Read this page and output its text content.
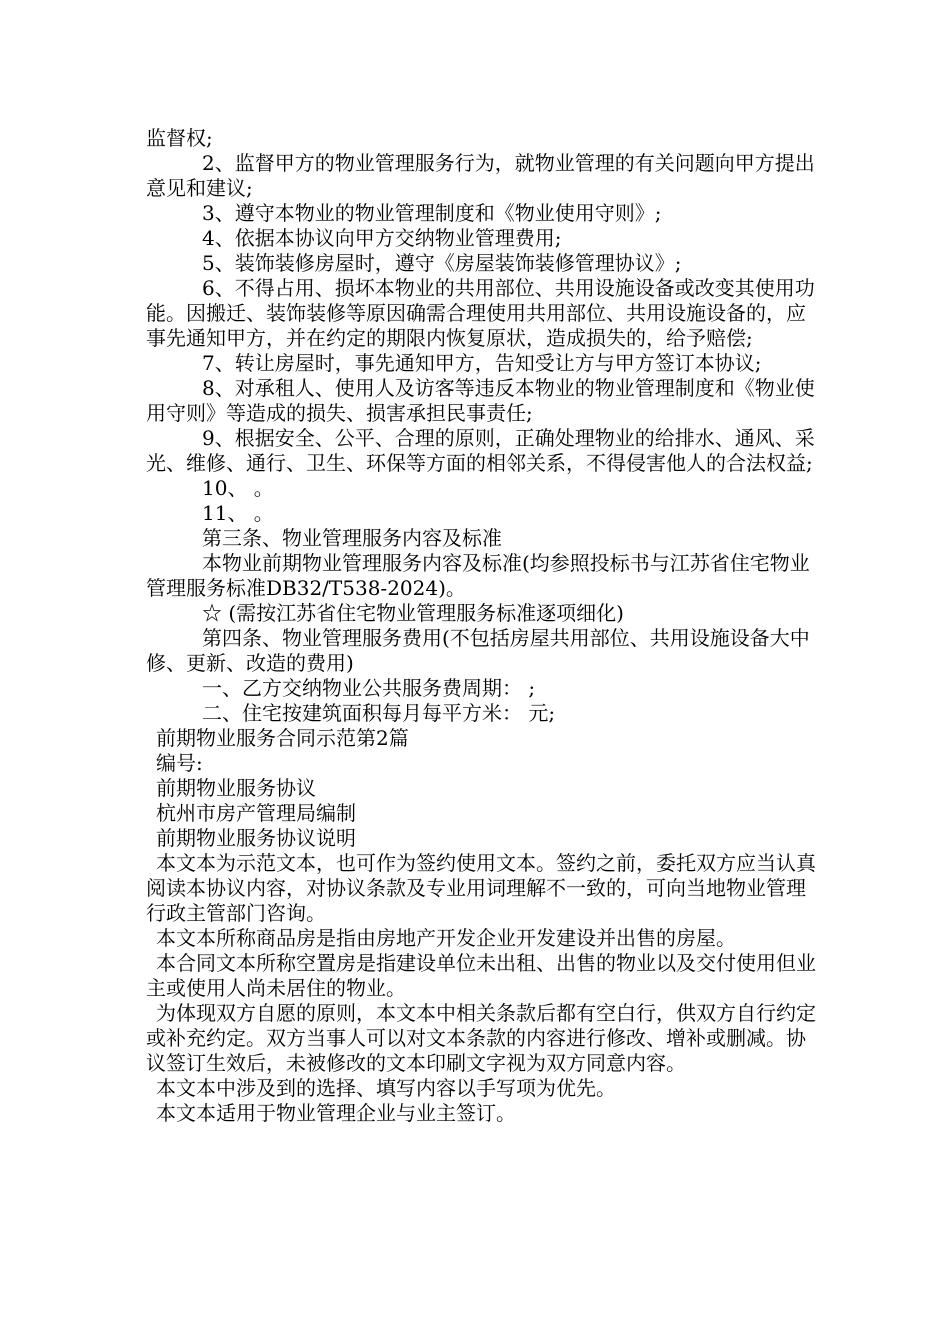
监督权;

2、监督甲方的物业管理服务行为，就物业管理的有关问题向甲方提出意见和建议;

3、遵守本物业的物业管理制度和《物业使用守则》;

4、依据本协议向甲方交纳物业管理费用;

5、装饰装修房屋时，遵守《房屋装饰装修管理协议》;

6、不得占用、损坏本物业的共用部位、共用设施设备或改变其使用功能。因搬迁、装饰装修等原因确需合理使用共用部位、共用设施设备的，应事先通知甲方，并在约定的期限内恢复原状，造成损失的，给予赔偿;

7、转让房屋时，事先通知甲方，告知受让方与甲方签订本协议;

8、对承租人、使用人及访客等违反本物业的物业管理制度和《物业使用守则》等造成的损失、损害承担民事责任;

9、根据安全、公平、合理的原则，正确处理物业的给排水、通风、采光、维修、通行、卫生、环保等方面的相邻关系，不得侵害他人的合法权益;

10、 。

11、 。

第三条、物业管理服务内容及标准

本物业前期物业管理服务内容及标准(均参照投标书与江苏省住宅物业管理服务标准DB32/T538-2024)。

☆ (需按江苏省住宅物业管理服务标准逐项细化)

第四条、物业管理服务费用(不包括房屋共用部位、共用设施设备大中修、更新、改造的费用)

一、乙方交纳物业公共服务费周期： ;

二、住宅按建筑面积每月每平方米： 元;

前期物业服务合同示范第2篇

编号:

前期物业服务协议

杭州市房产管理局编制

前期物业服务协议说明

本文本为示范文本，也可作为签约使用文本。签约之前，委托双方应当认真阅读本协议内容，对协议条款及专业用词理解不一致的，可向当地物业管理行政主管部门咨询。

本文本所称商品房是指由房地产开发企业开发建设并出售的房屋。

本合同文本所称空置房是指建设单位未出租、出售的物业以及交付使用但业主或使用人尚未居住的物业。

为体现双方自愿的原则，本文本中相关条款后都有空白行，供双方自行约定或补充约定。双方当事人可以对文本条款的内容进行修改、增补或删减。协议签订生效后，未被修改的文本印刷文字视为双方同意内容。

本文本中涉及到的选择、填写内容以手写项为优先。

本文本适用于物业管理企业与业主签订。
